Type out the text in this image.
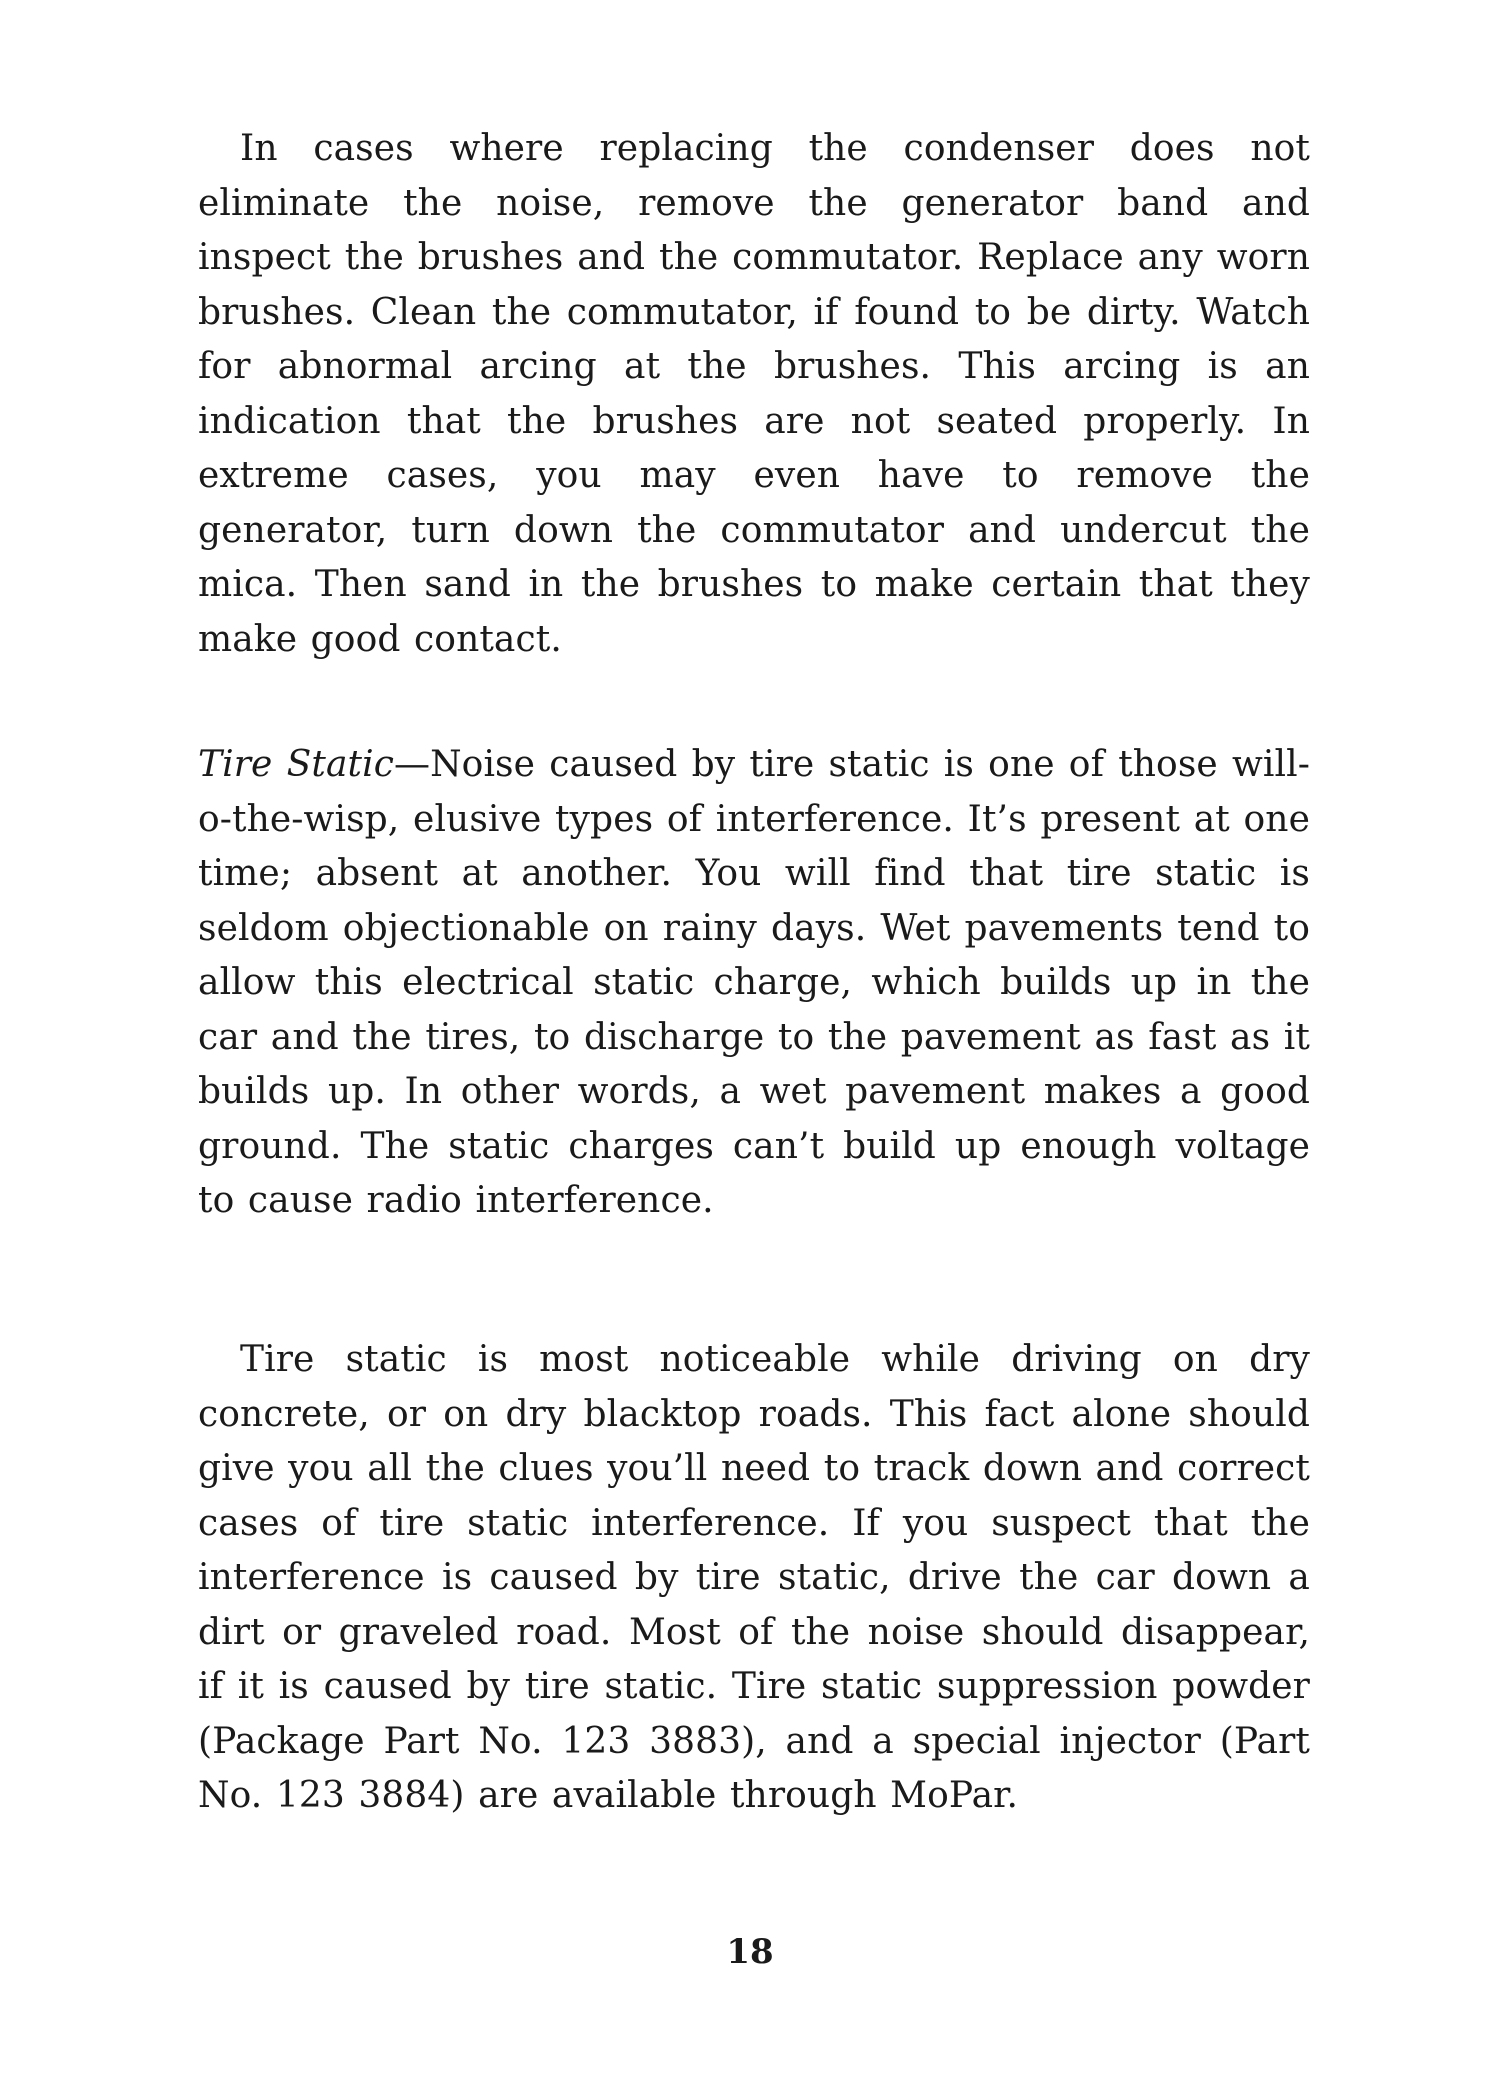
In cases where replacing the condenser does not eliminate the noise, remove the generator band and inspect the brushes and the commutator. Replace any worn brushes. Clean the commutator, if found to be dirty. Watch for abnormal arcing at the brushes. This arcing is an indication that the brushes are not seated properly. In extreme cases, you may even have to remove the generator, turn down the commutator and undercut the mica. Then sand in the brushes to make certain that they make good contact.

Tire Static—Noise caused by tire static is one of those will-o-the-wisp, elusive types of interference. It’s present at one time; absent at another. You will find that tire static is seldom objectionable on rainy days. Wet pavements tend to allow this electrical static charge, which builds up in the car and the tires, to discharge to the pavement as fast as it builds up. In other words, a wet pavement makes a good ground. The static charges can’t build up enough voltage to cause radio interference.

Tire static is most noticeable while driving on dry concrete, or on dry blacktop roads. This fact alone should give you all the clues you’ll need to track down and correct cases of tire static interference. If you suspect that the interference is caused by tire static, drive the car down a dirt or graveled road. Most of the noise should disappear, if it is caused by tire static. Tire static suppression powder (Package Part No. 123 3883), and a special injector (Part No. 123 3884) are available through MoPar.

18
